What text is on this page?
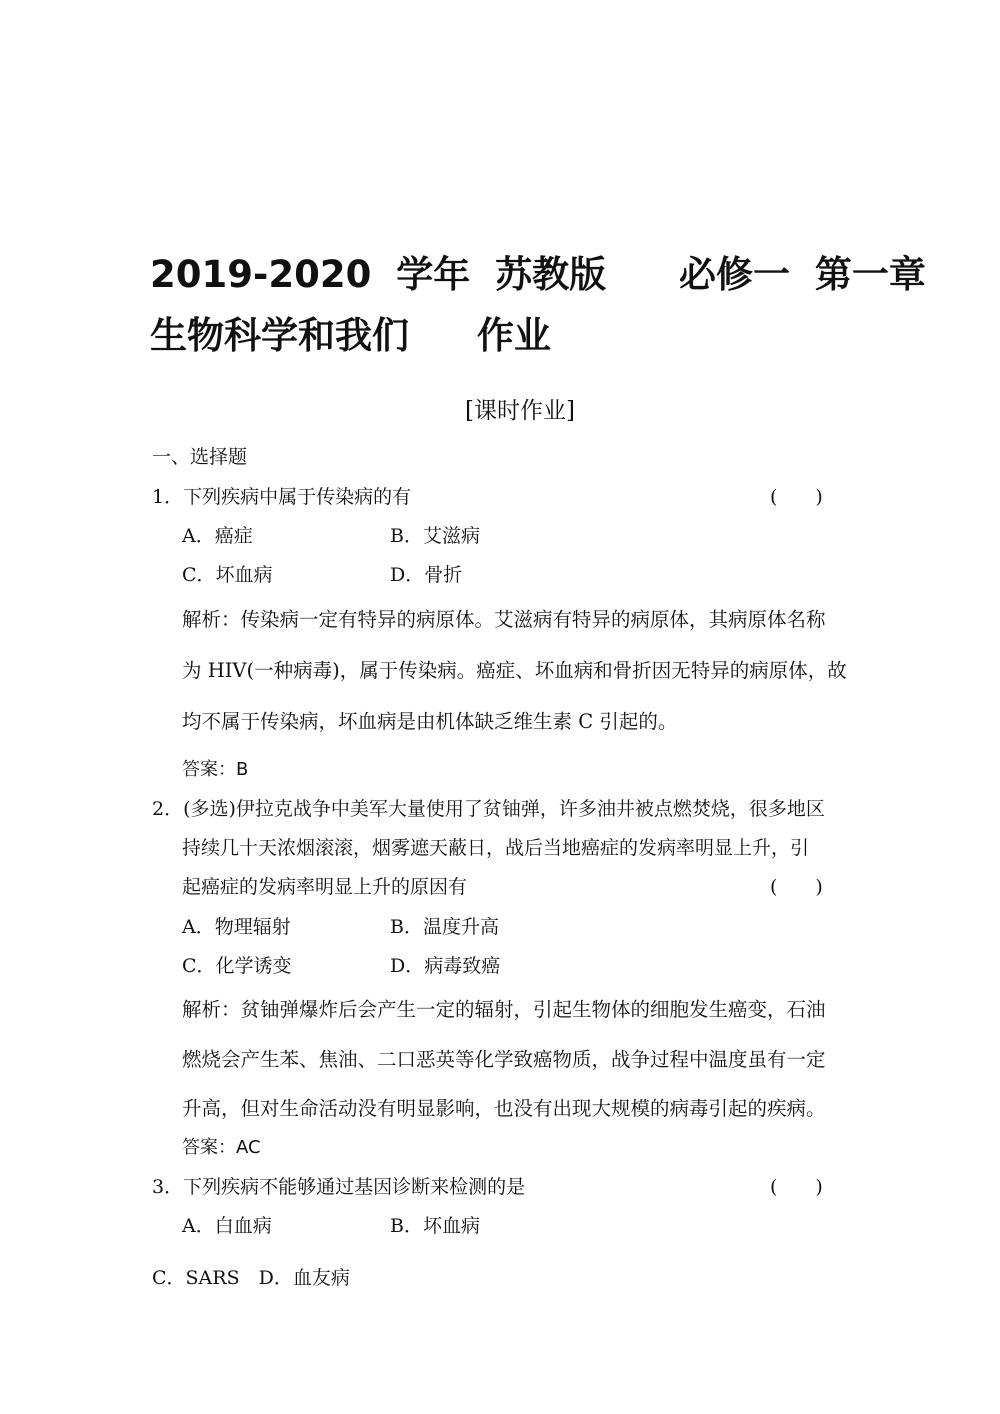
2019-2020 学年 苏教版 必修一 第一章
生物科学和我们 作业
[课时作业]
一、选择题
1．下列疾病中属于传染病的有	(　　)
A．癌症	B．艾滋病
C．坏血病	D．骨折
解析：传染病一定有特异的病原体。艾滋病有特异的病原体，其病原体名称
为 HIV(一种病毒)，属于传染病。癌症、坏血病和骨折因无特异的病原体，故
均不属于传染病，坏血病是由机体缺乏维生素 C 引起的。
答案：B
2．(多选)伊拉克战争中美军大量使用了贫铀弹，许多油井被点燃焚烧，很多地区
持续几十天浓烟滚滚，烟雾遮天蔽日，战后当地癌症的发病率明显上升，引
起癌症的发病率明显上升的原因有	(　　)
A．物理辐射	B．温度升高
C．化学诱变	D．病毒致癌
解析：贫铀弹爆炸后会产生一定的辐射，引起生物体的细胞发生癌变，石油
燃烧会产生苯、焦油、二口恶英等化学致癌物质，战争过程中温度虽有一定
升高，但对生命活动没有明显影响，也没有出现大规模的病毒引起的疾病。
答案：AC
3．下列疾病不能够通过基因诊断来检测的是	(　　)
A．白血病	B．坏血病
C．SARS　D．血友病
